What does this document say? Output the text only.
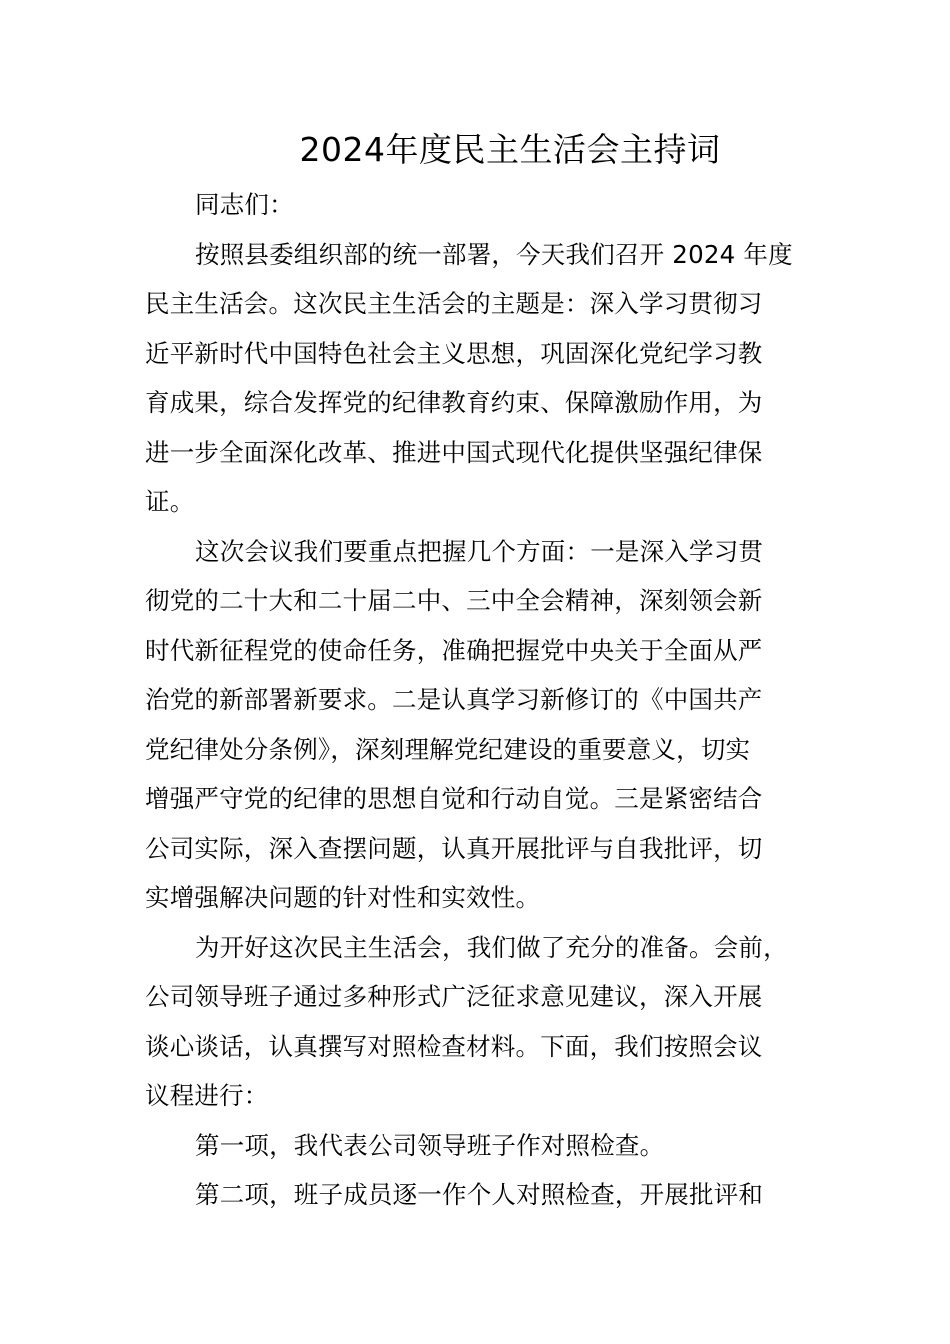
2024年度民主生活会主持词
同志们：
按照县委组织部的统一部署，今天我们召开 2024 年度
民主生活会。这次民主生活会的主题是：深入学习贯彻习
近平新时代中国特色社会主义思想，巩固深化党纪学习教
育成果，综合发挥党的纪律教育约束、保障激励作用，为
进一步全面深化改革、推进中国式现代化提供坚强纪律保
证。
这次会议我们要重点把握几个方面：一是深入学习贯
彻党的二十大和二十届二中、三中全会精神，深刻领会新
时代新征程党的使命任务，准确把握党中央关于全面从严
治党的新部署新要求。二是认真学习新修订的《中国共产
党纪律处分条例》，深刻理解党纪建设的重要意义，切实
增强严守党的纪律的思想自觉和行动自觉。三是紧密结合
公司实际，深入查摆问题，认真开展批评与自我批评，切
实增强解决问题的针对性和实效性。
为开好这次民主生活会，我们做了充分的准备。会前，
公司领导班子通过多种形式广泛征求意见建议，深入开展
谈心谈话，认真撰写对照检查材料。下面，我们按照会议
议程进行：
第一项，我代表公司领导班子作对照检查。
第二项，班子成员逐一作个人对照检查，开展批评和
